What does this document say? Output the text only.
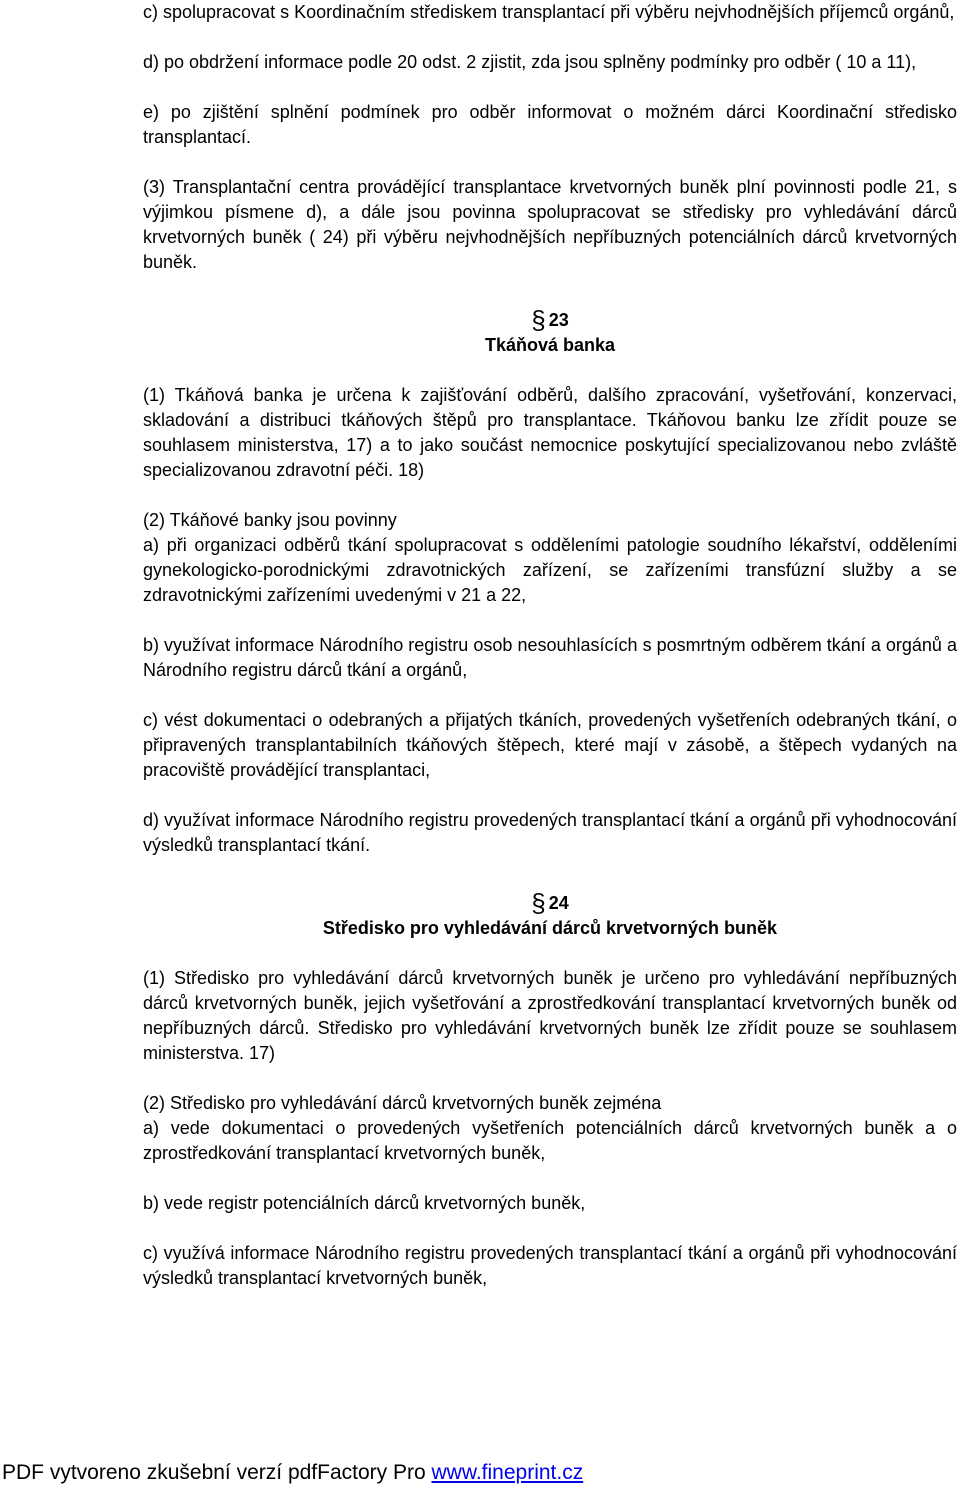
c) spolupracovat s Koordinačním střediskem transplantací při výběru nejvhodnějších příjemců orgánů,

d) po obdržení informace podle 20 odst. 2 zjistit, zda jsou splněny podmínky pro odběr ( 10 a 11),

e) po zjištění splnění podmínek pro odběr informovat o možném dárci Koordinační středisko transplantací.

(3) Transplantační centra provádějící transplantace krvetvorných buněk plní povinnosti podle 21, s výjimkou písmene d), a dále jsou povinna spolupracovat se středisky pro vyhledávání dárců krvetvorných buněk ( 24) při výběru nejvhodnějších nepříbuzných potenciálních dárců krvetvorných buněk.

§ 23

Tkáňová banka

(1) Tkáňová banka je určena k zajišťování odběrů, dalšího zpracování, vyšetřování, konzervaci, skladování a distribuci tkáňových štěpů pro transplantace. Tkáňovou banku lze zřídit pouze se souhlasem ministerstva, 17) a to jako součást nemocnice poskytující specializovanou nebo zvláště specializovanou zdravotní péči. 18)

(2) Tkáňové banky jsou povinny

a) při organizaci odběrů tkání spolupracovat s odděleními patologie soudního lékařství, odděleními gynekologicko-porodnickými zdravotnických zařízení, se zařízeními transfúzní služby a se zdravotnickými zařízeními uvedenými v 21 a 22,

b) využívat informace Národního registru osob nesouhlasících s posmrtným odběrem tkání a orgánů a Národního registru dárců tkání a orgánů,

c) vést dokumentaci o odebraných a přijatých tkáních, provedených vyšetřeních odebraných tkání, o připravených transplantabilních tkáňových štěpech, které mají v zásobě, a štěpech vydaných na pracoviště provádějící transplantaci,

d) využívat informace Národního registru provedených transplantací tkání a orgánů při vyhodnocování výsledků transplantací tkání.

§ 24

Středisko pro vyhledávání dárců krvetvorných buněk

(1) Středisko pro vyhledávání dárců krvetvorných buněk je určeno pro vyhledávání nepříbuzných dárců krvetvorných buněk, jejich vyšetřování a zprostředkování transplantací krvetvorných buněk od nepříbuzných dárců. Středisko pro vyhledávání krvetvorných buněk lze zřídit pouze se souhlasem ministerstva. 17)

(2) Středisko pro vyhledávání dárců krvetvorných buněk zejména

a) vede dokumentaci o provedených vyšetřeních potenciálních dárců krvetvorných buněk a o zprostředkování transplantací krvetvorných buněk,

b) vede registr potenciálních dárců krvetvorných buněk,

c) využívá informace Národního registru provedených transplantací tkání a orgánů při vyhodnocování výsledků transplantací krvetvorných buněk,

PDF vytvoreno zkušební verzí pdfFactory Pro www.fineprint.cz
